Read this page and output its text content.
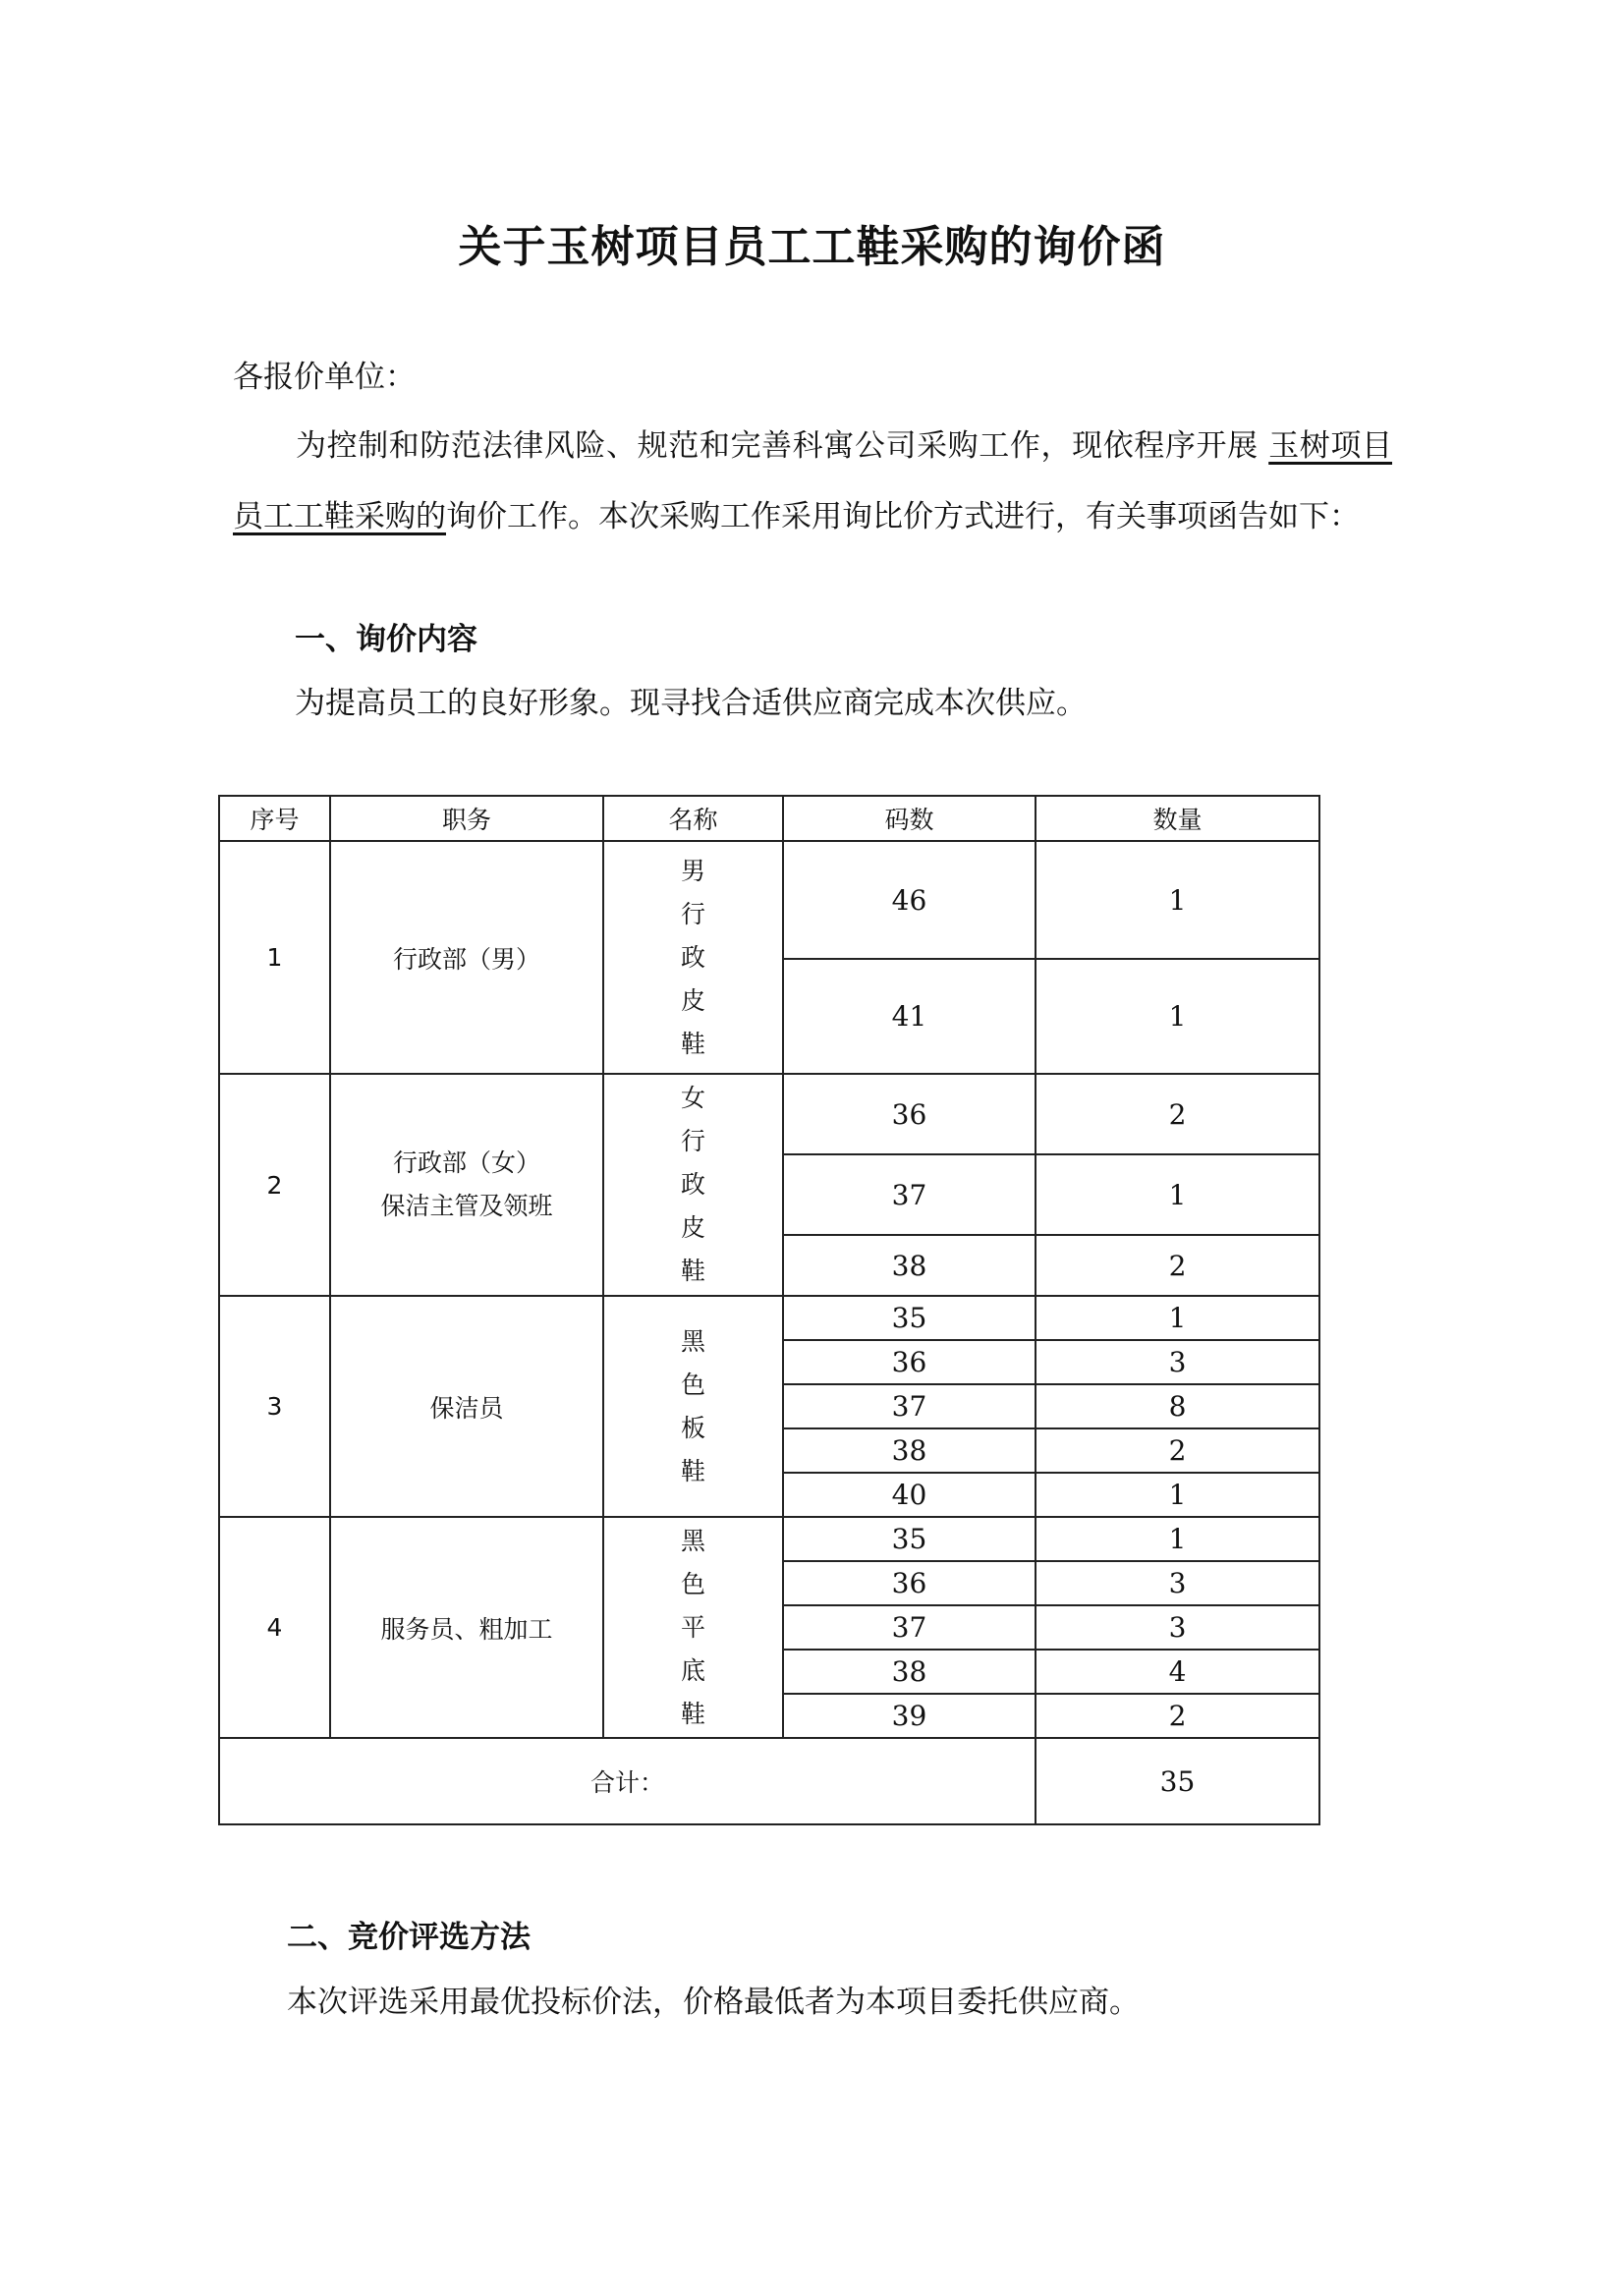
关于玉树项目员工工鞋采购的询价函
各报价单位：
为控制和防范法律风险、规范和完善科寓公司采购工作，现依程序开展 玉树项目员工工鞋采购的询价工作。本次采购工作采用询比价方式进行，有关事项函告如下：
一、询价内容
为提高员工的良好形象。现寻找合适供应商完成本次供应。
序号	职务	名称	码数	数量
1	行政部（男）	男行政皮鞋	46	1
			41	1
2	行政部（女）
保洁主管及领班	女行政皮鞋	36	2
			37	1
			38	2
3	保洁员	黑色板鞋	35	1
			36	3
			37	8
			38	2
			40	1
4	服务员、粗加工	黑色平底鞋	35	1
			36	3
			37	3
			38	4
			39	2
合计：				35
二、竞价评选方法
本次评选采用最优投标价法，价格最低者为本项目委托供应商。
